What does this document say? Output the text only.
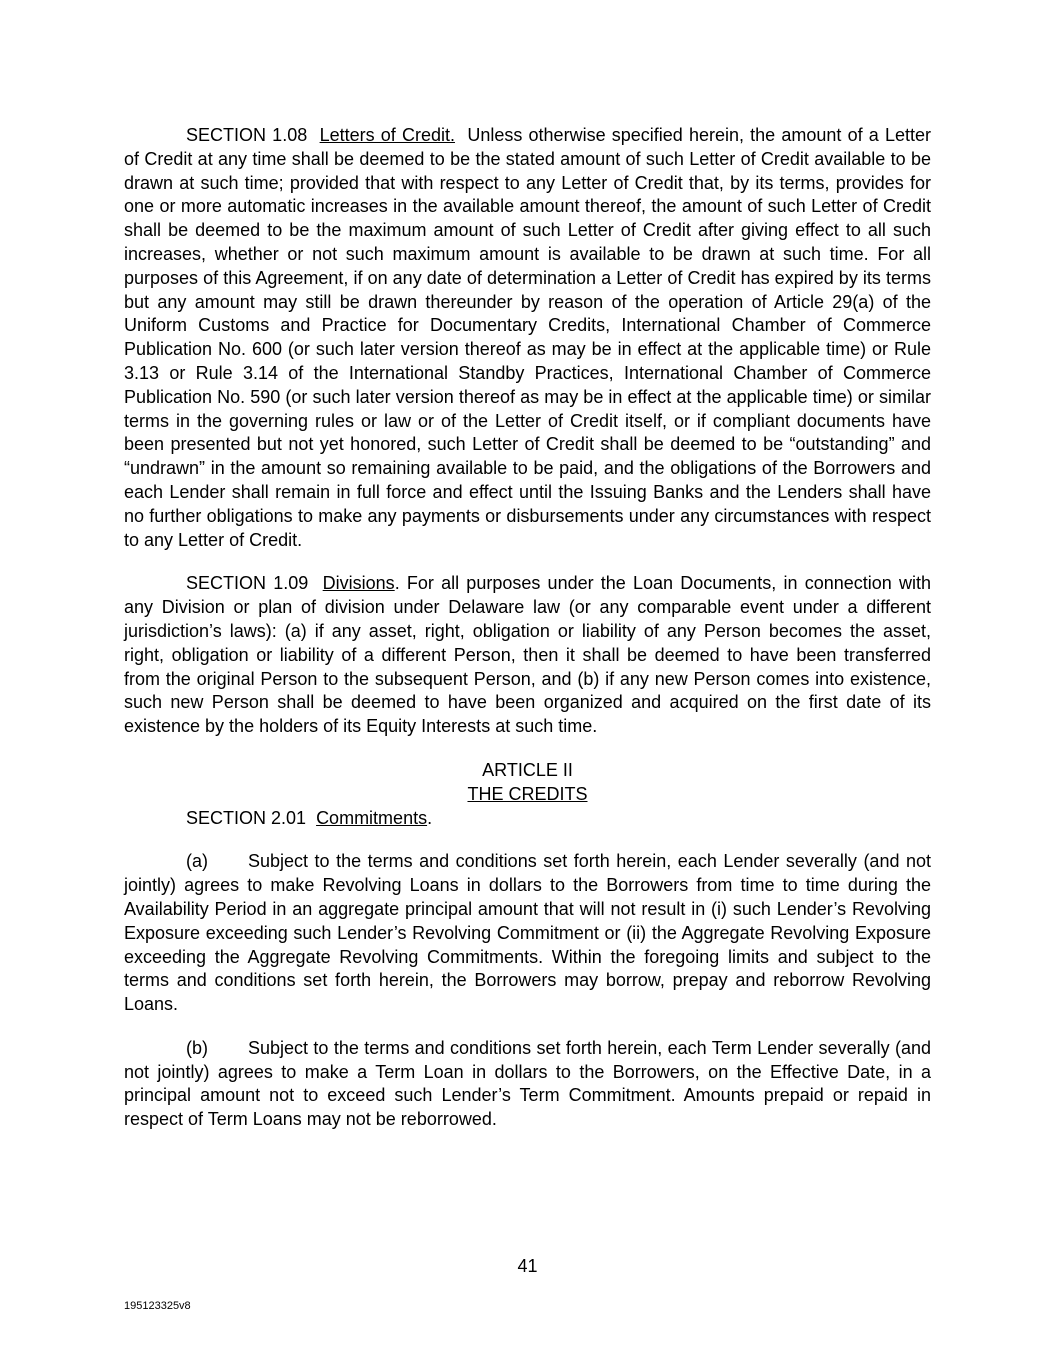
SECTION 1.08 Letters of Credit. Unless otherwise specified herein, the amount of a Letter of Credit at any time shall be deemed to be the stated amount of such Letter of Credit available to be drawn at such time; provided that with respect to any Letter of Credit that, by its terms, provides for one or more automatic increases in the available amount thereof, the amount of such Letter of Credit shall be deemed to be the maximum amount of such Letter of Credit after giving effect to all such increases, whether or not such maximum amount is available to be drawn at such time. For all purposes of this Agreement, if on any date of determination a Letter of Credit has expired by its terms but any amount may still be drawn thereunder by reason of the operation of Article 29(a) of the Uniform Customs and Practice for Documentary Credits, International Chamber of Commerce Publication No. 600 (or such later version thereof as may be in effect at the applicable time) or Rule 3.13 or Rule 3.14 of the International Standby Practices, International Chamber of Commerce Publication No. 590 (or such later version thereof as may be in effect at the applicable time) or similar terms in the governing rules or law or of the Letter of Credit itself, or if compliant documents have been presented but not yet honored, such Letter of Credit shall be deemed to be “outstanding” and “undrawn” in the amount so remaining available to be paid, and the obligations of the Borrowers and each Lender shall remain in full force and effect until the Issuing Banks and the Lenders shall have no further obligations to make any payments or disbursements under any circumstances with respect to any Letter of Credit.

SECTION 1.09 Divisions. For all purposes under the Loan Documents, in connection with any Division or plan of division under Delaware law (or any comparable event under a different jurisdiction’s laws): (a) if any asset, right, obligation or liability of any Person becomes the asset, right, obligation or liability of a different Person, then it shall be deemed to have been transferred from the original Person to the subsequent Person, and (b) if any new Person comes into existence, such new Person shall be deemed to have been organized and acquired on the first date of its existence by the holders of its Equity Interests at such time.

ARTICLE II

THE CREDITS

SECTION 2.01 Commitments.

(a) Subject to the terms and conditions set forth herein, each Lender severally (and not jointly) agrees to make Revolving Loans in dollars to the Borrowers from time to time during the Availability Period in an aggregate principal amount that will not result in (i) such Lender’s Revolving Exposure exceeding such Lender’s Revolving Commitment or (ii) the Aggregate Revolving Exposure exceeding the Aggregate Revolving Commitments. Within the foregoing limits and subject to the terms and conditions set forth herein, the Borrowers may borrow, prepay and reborrow Revolving Loans.

(b) Subject to the terms and conditions set forth herein, each Term Lender severally (and not jointly) agrees to make a Term Loan in dollars to the Borrowers, on the Effective Date, in a principal amount not to exceed such Lender’s Term Commitment. Amounts prepaid or repaid in respect of Term Loans may not be reborrowed.

41
195123325v8
